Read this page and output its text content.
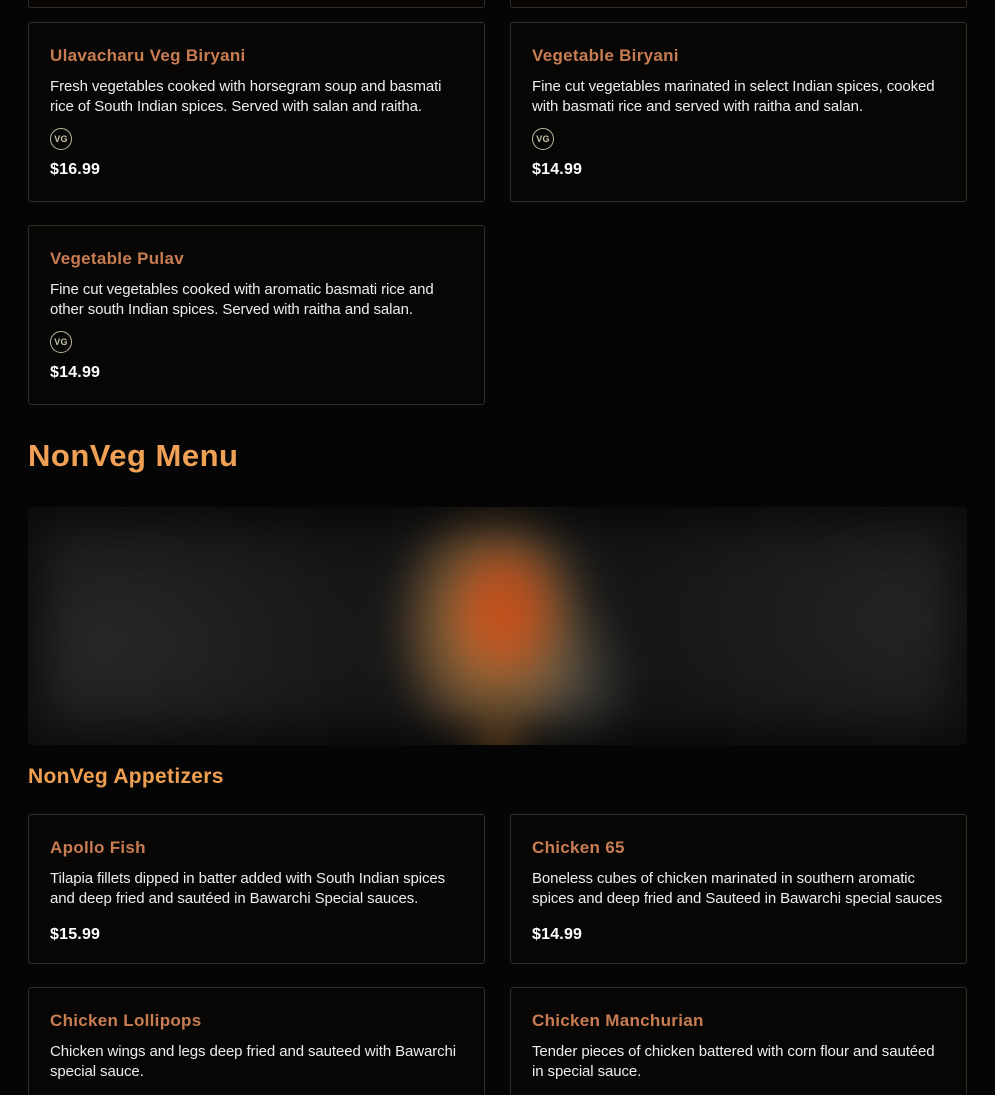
Ulavacharu Veg Biryani

Fresh vegetables cooked with horsegram soup and basmati rice of South Indian spices. Served with salan and raitha.

VG
$16.99
Vegetable Biryani

Fine cut vegetables marinated in select Indian spices, cooked with basmati rice and served with raitha and salan.

VG
$14.99
Vegetable Pulav

Fine cut vegetables cooked with aromatic basmati rice and other south Indian spices. Served with raitha and salan.

VG
$14.99
NonVeg Menu
NonVeg Appetizers
Apollo Fish

Tilapia fillets dipped in batter added with South Indian spices and deep fried and sautéed in Bawarchi Special sauces.

$15.99
Chicken 65

Boneless cubes of chicken marinated in southern aromatic spices and deep fried and Sauteed in Bawarchi special sauces

$14.99
Chicken Lollipops

Chicken wings and legs deep fried and sauteed with Bawarchi special sauce.

Chicken Manchurian

Tender pieces of chicken battered with corn flour and sautéed in special sauce.
